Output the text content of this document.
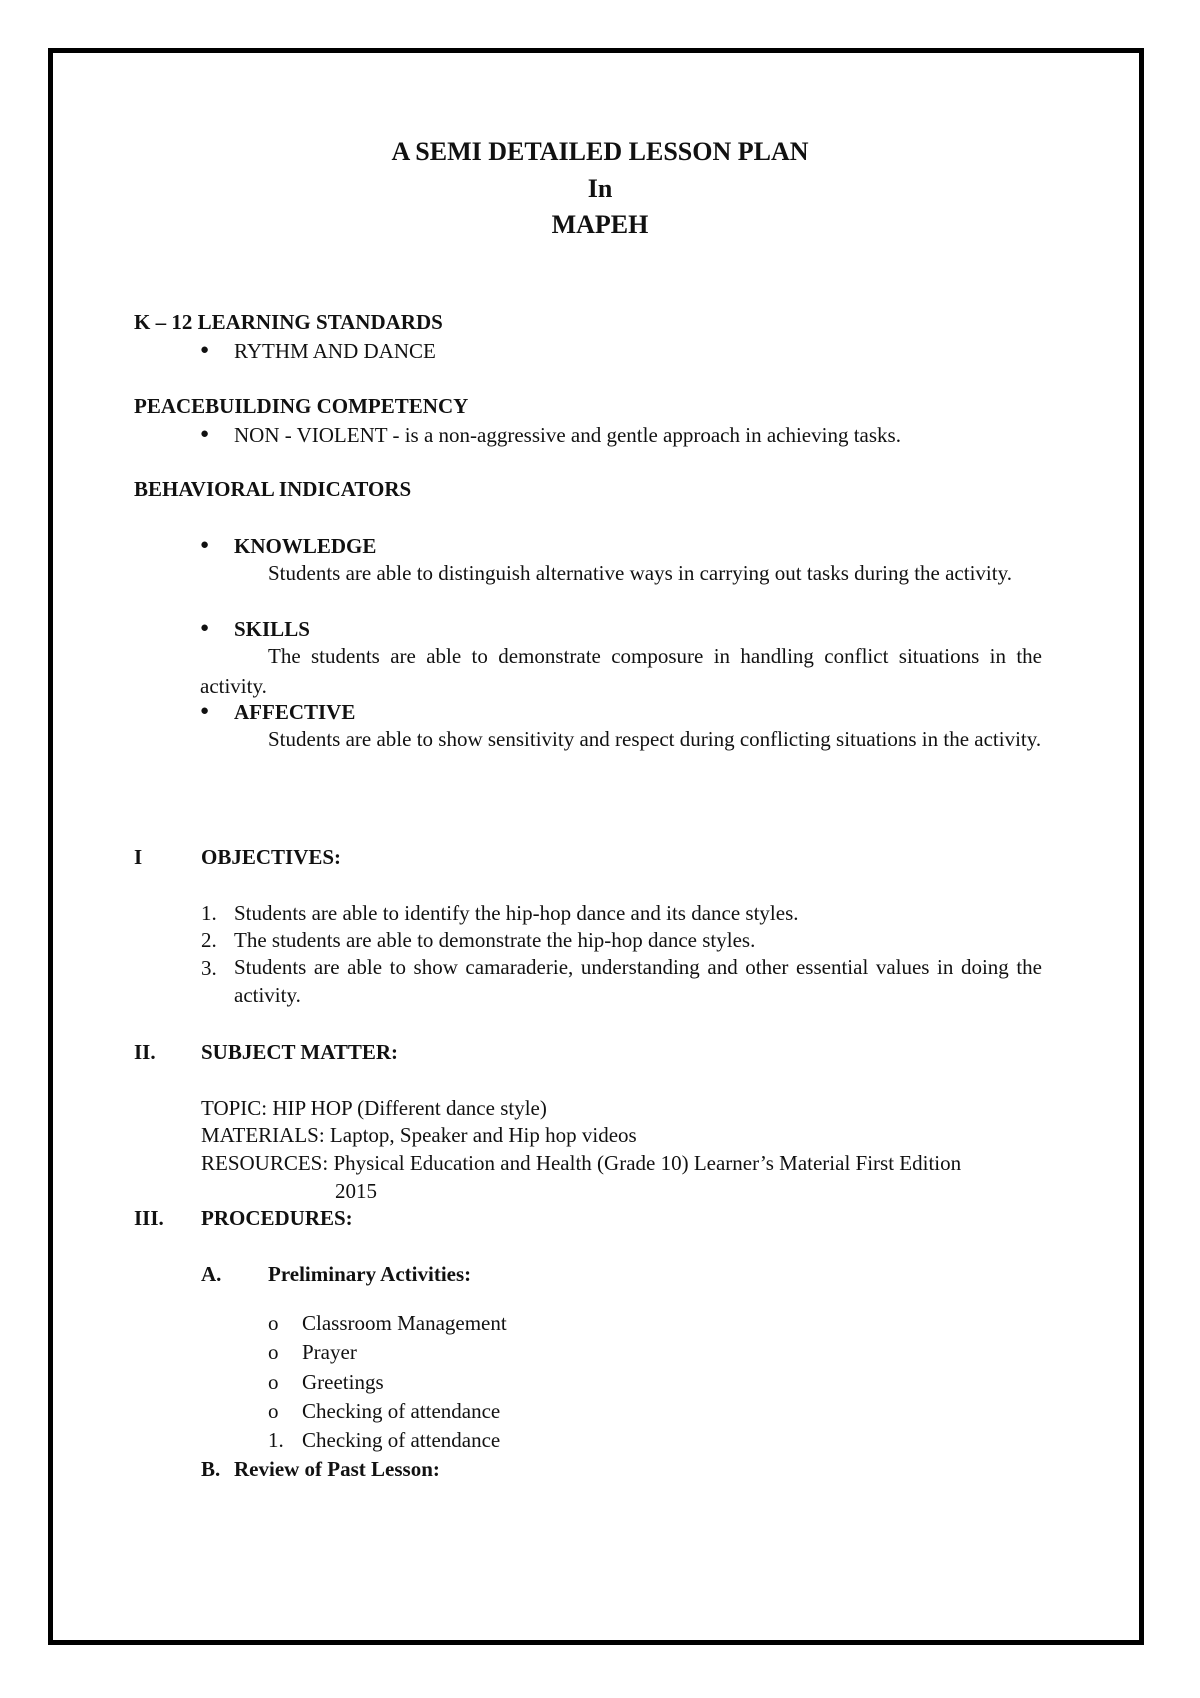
A SEMI DETAILED LESSON PLAN
In
MAPEH
K – 12 LEARNING STANDARDS
● RYTHM AND DANCE
PEACEBUILDING COMPETENCY
● NON - VIOLENT - is a non-aggressive and gentle approach in achieving tasks.
BEHAVIORAL INDICATORS
● KNOWLEDGE
Students are able to distinguish alternative ways in carrying out tasks during the activity.
● SKILLS
The students are able to demonstrate composure in handling conflict situations in the activity.
● AFFECTIVE
Students are able to show sensitivity and respect during conflicting situations in the activity.
I	OBJECTIVES:
1. Students are able to identify the hip-hop dance and its dance styles.
2. The students are able to demonstrate the hip-hop dance styles.
3. Students are able to show camaraderie, understanding and other essential values in doing the activity.
II. SUBJECT MATTER:
TOPIC: HIP HOP (Different dance style)
MATERIALS: Laptop, Speaker and Hip hop videos
RESOURCES: Physical Education and Health (Grade 10) Learner’s Material First Edition
2015
III. PROCEDURES:
A. Preliminary Activities:
o Classroom Management
o Prayer
o Greetings
o Checking of attendance
1. Checking of attendance
B. Review of Past Lesson:
